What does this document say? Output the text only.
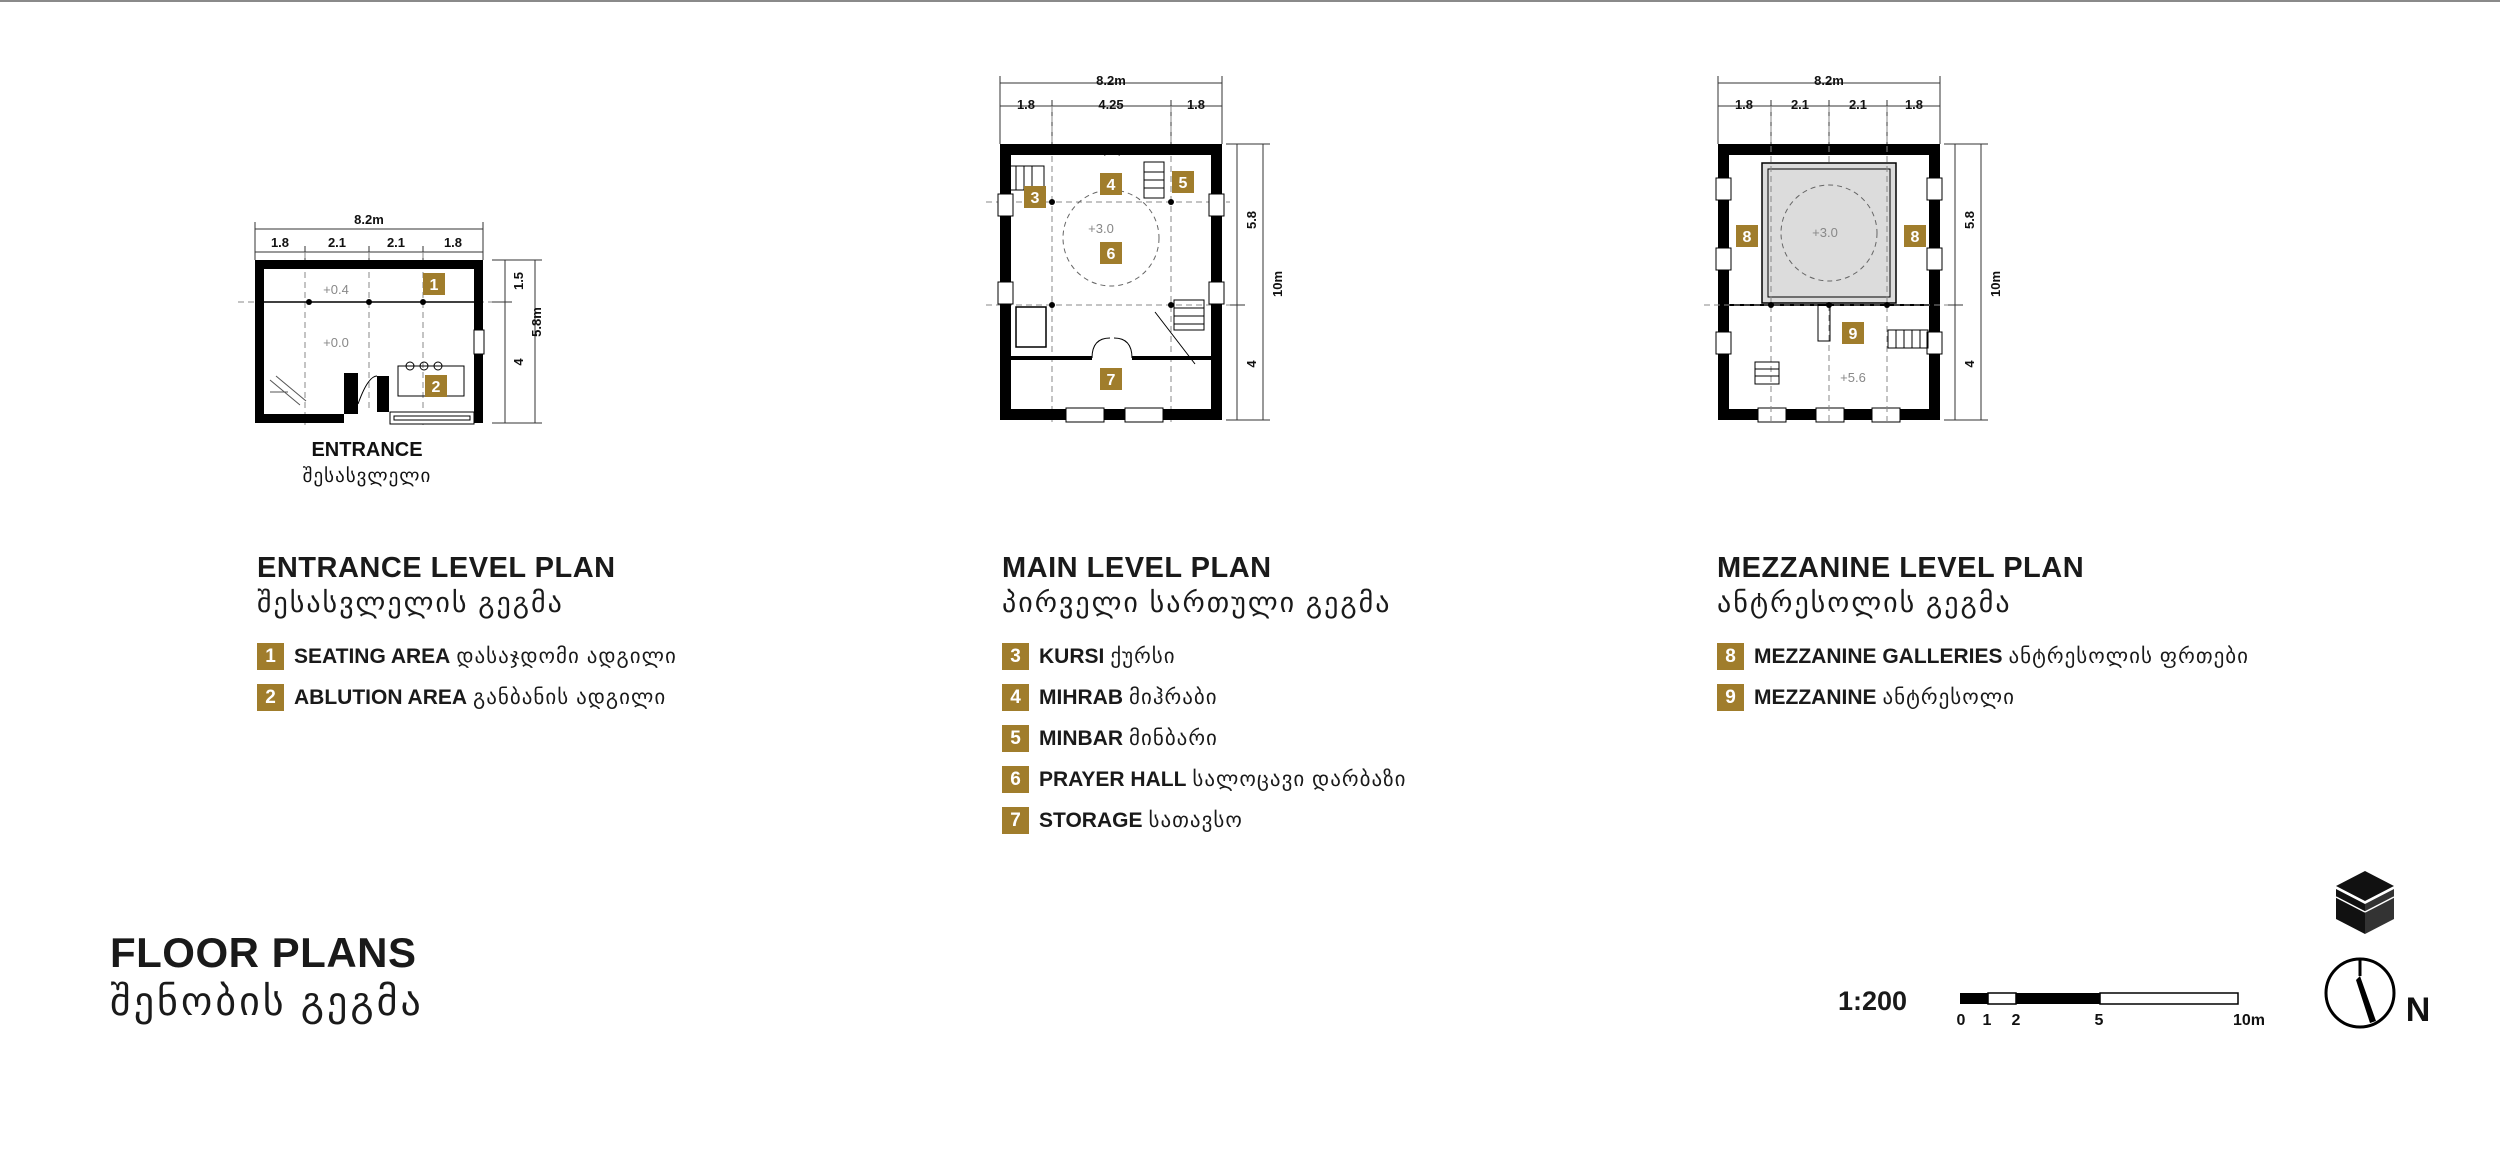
8.2m
1.8	2.1	2.1	1.8
1.5
4
5.8m
+0.4
+0.0
1
2
ENTRANCE
შესასვლელი
8.2m
1.8	4.25	1.8
5.8
4
10m
+3.0
3
4	5
6
7
8.2m
1.8	2.1	2.1	1.8
5.8
4
10m
+3.0
+5.6
8	8
9
ENTRANCE LEVEL PLAN
შესასვლელის გეგმა
1 SEATING AREA დასაჯდომი ადგილი
2 ABLUTION AREA განბანის ადგილი
MAIN LEVEL PLAN
პირველი სართული გეგმა
3 KURSI ქურსი
4 MIHRAB მიჰრაბი
5 MINBAR მინბარი
6 PRAYER HALL სალოცავი დარბაზი
7 STORAGE სათავსო
MEZZANINE LEVEL PLAN
ანტრესოლის გეგმა
8 MEZZANINE GALLERIES ანტრესოლის ფრთები
9 MEZZANINE ანტრესოლი
FLOOR PLANS
შენობის გეგმა	1:200
0 1 2	5	10m	N
